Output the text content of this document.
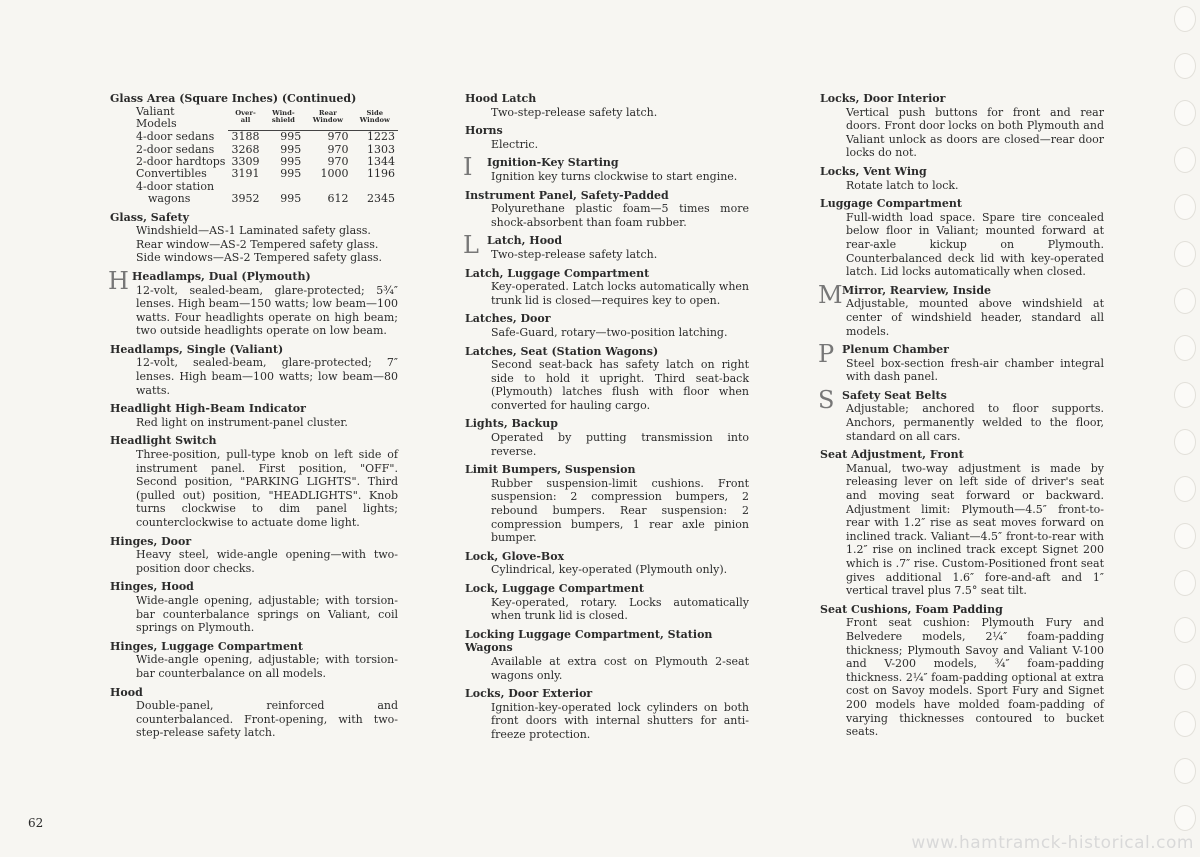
Glass Area (Square Inches) (Continued)
Valiant
Models	Over-all	Wind-shield	Rear Window	Side Window
4-door sedans	3188	995	970	1223
2-door sedans	3268	995	970	1303
2-door hardtops	3309	995	970	1344
Convertibles	3191	995	1000	1196
4-door station				
wagons	3952	995	612	2345
Glass, Safety

Windshield—AS-1 Laminated safety glass.

Rear window—AS-2 Tempered safety glass.

Side windows—AS-2 Tempered safety glass.

H Headlamps, Dual (Plymouth)
12-volt, sealed-beam, glare-protected; 5¾″ lenses. High beam—150 watts; low beam—100 watts. Four headlights operate on high beam; two outside headlights operate on low beam.
Headlamps, Single (Valiant)
12-volt, sealed-beam, glare-protected; 7″ lenses. High beam—100 watts; low beam—80 watts.
Headlight High-Beam Indicator
Red light on instrument-panel cluster.
Headlight Switch
Three-position, pull-type knob on left side of instrument panel. First position, "OFF". Second position, "PARKING LIGHTS". Third (pulled out) position, "HEADLIGHTS". Knob turns clockwise to dim panel lights; counterclockwise to actuate dome light.
Hinges, Door
Heavy steel, wide-angle opening—with two-position door checks.
Hinges, Hood
Wide-angle opening, adjustable; with torsion-bar counterbalance springs on Valiant, coil springs on Plymouth.
Hinges, Luggage Compartment
Wide-angle opening, adjustable; with torsion-bar counterbalance on all models.
Hood
Double-panel, reinforced and counterbalanced. Front-opening, with two-step-release safety latch.
Hood Latch
Two-step-release safety latch.
Horns
Electric.
I Ignition-Key Starting
Ignition key turns clockwise to start engine.
Instrument Panel, Safety-Padded
Polyurethane plastic foam—5 times more shock-absorbent than foam rubber.
L Latch, Hood
Two-step-release safety latch.
Latch, Luggage Compartment
Key-operated. Latch locks automatically when trunk lid is closed—requires key to open.
Latches, Door
Safe-Guard, rotary—two-position latching.
Latches, Seat (Station Wagons)
Second seat-back has safety latch on right side to hold it upright. Third seat-back (Plymouth) latches flush with floor when converted for hauling cargo.
Lights, Backup
Operated by putting transmission into reverse.
Limit Bumpers, Suspension
Rubber suspension-limit cushions. Front suspension: 2 compression bumpers, 2 rebound bumpers. Rear suspension: 2 compression bumpers, 1 rear axle pinion bumper.
Lock, Glove-Box
Cylindrical, key-operated (Plymouth only).
Lock, Luggage Compartment
Key-operated, rotary. Locks automatically when trunk lid is closed.
Locking Luggage Compartment, Station Wagons
Available at extra cost on Plymouth 2-seat wagons only.
Locks, Door Exterior
Ignition-key-operated lock cylinders on both front doors with internal shutters for anti-freeze protection.
Locks, Door Interior
Vertical push buttons for front and rear doors. Front door locks on both Plymouth and Valiant unlock as doors are closed—rear door locks do not.
Locks, Vent Wing
Rotate latch to lock.
Luggage Compartment
Full-width load space. Spare tire concealed below floor in Valiant; mounted forward at rear-axle kickup on Plymouth. Counterbalanced deck lid with key-operated latch. Lid locks automatically when closed.
M Mirror, Rearview, Inside
Adjustable, mounted above windshield at center of windshield header, standard all models.
P Plenum Chamber
Steel box-section fresh-air chamber integral with dash panel.
S Safety Seat Belts
Adjustable; anchored to floor supports. Anchors, permanently welded to the floor, standard on all cars.
Seat Adjustment, Front
Manual, two-way adjustment is made by releasing lever on left side of driver's seat and moving seat forward or backward. Adjustment limit: Plymouth—4.5″ front-to-rear with 1.2″ rise as seat moves forward on inclined track. Valiant—4.5″ front-to-rear with 1.2″ rise on inclined track except Signet 200 which is .7″ rise. Custom-Positioned front seat gives additional 1.6″ fore-and-aft and 1″ vertical travel plus 7.5° seat tilt.
Seat Cushions, Foam Padding
Front seat cushion: Plymouth Fury and Belvedere models, 2¼″ foam-padding thickness; Plymouth Savoy and Valiant V-100 and V-200 models, ¾″ foam-padding thickness. 2¼″ foam-padding optional at extra cost on Savoy models. Sport Fury and Signet 200 models have molded foam-padding of varying thicknesses contoured to bucket seats.
62
www.hamtramck-historical.com
